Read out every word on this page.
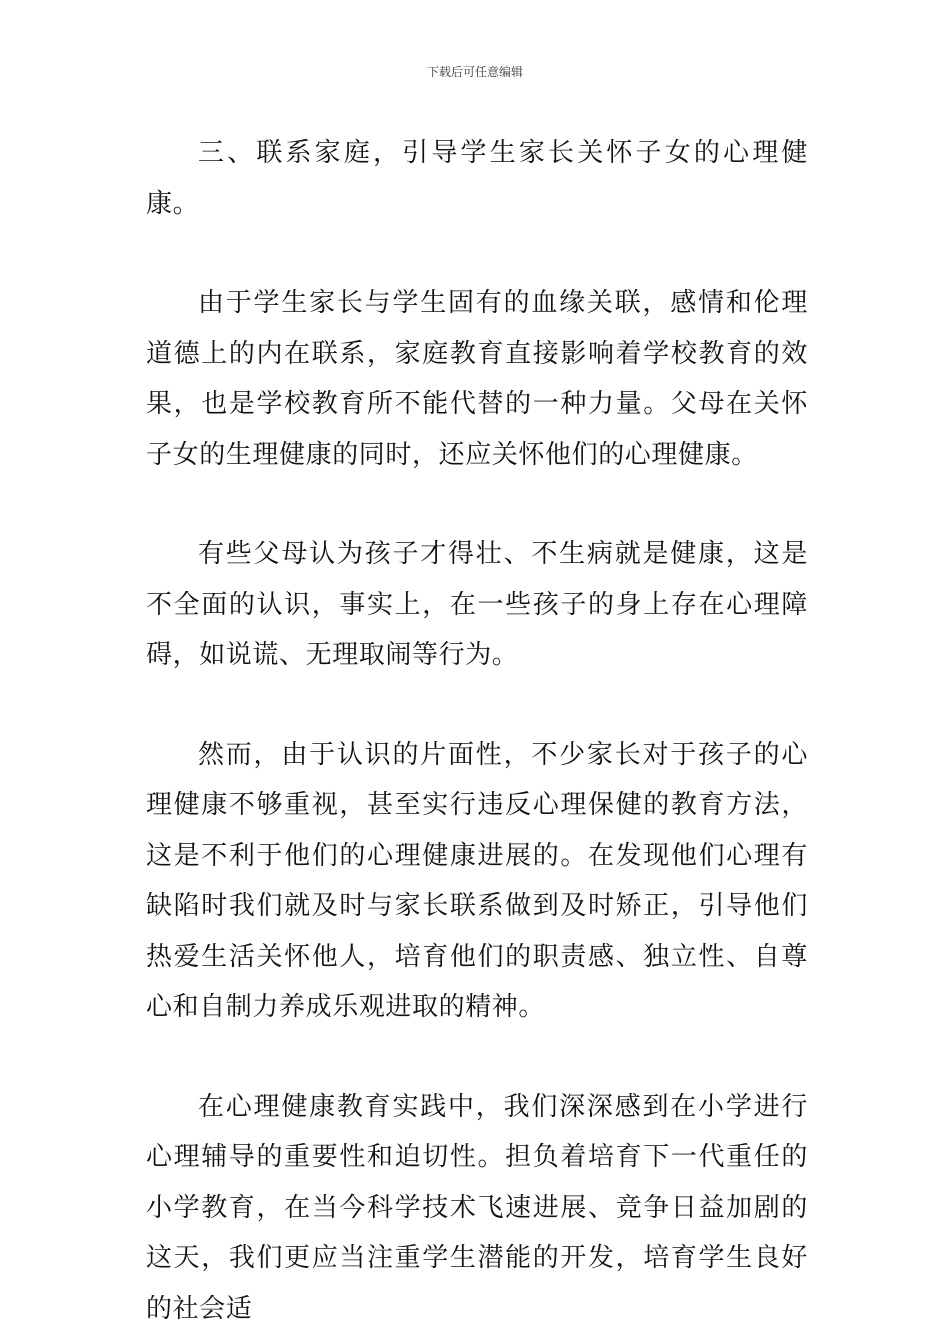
下载后可任意编辑

三、联系家庭，引导学生家长关怀子女的心理健康。

由于学生家长与学生固有的血缘关联，感情和伦理道德上的内在联系，家庭教育直接影响着学校教育的效果，也是学校教育所不能代替的一种力量。父母在关怀子女的生理健康的同时，还应关怀他们的心理健康。

有些父母认为孩子才得壮、不生病就是健康，这是不全面的认识，事实上，在一些孩子的身上存在心理障碍，如说谎、无理取闹等行为。

然而，由于认识的片面性，不少家长对于孩子的心理健康不够重视，甚至实行违反心理保健的教育方法，这是不利于他们的心理健康进展的。在发现他们心理有缺陷时我们就及时与家长联系做到及时矫正，引导他们热爱生活关怀他人，培育他们的职责感、独立性、自尊心和自制力养成乐观进取的精神。

在心理健康教育实践中，我们深深感到在小学进行心理辅导的重要性和迫切性。担负着培育下一代重任的小学教育，在当今科学技术飞速进展、竞争日益加剧的这天，我们更应当注重学生潜能的开发，培育学生良好的社会适
